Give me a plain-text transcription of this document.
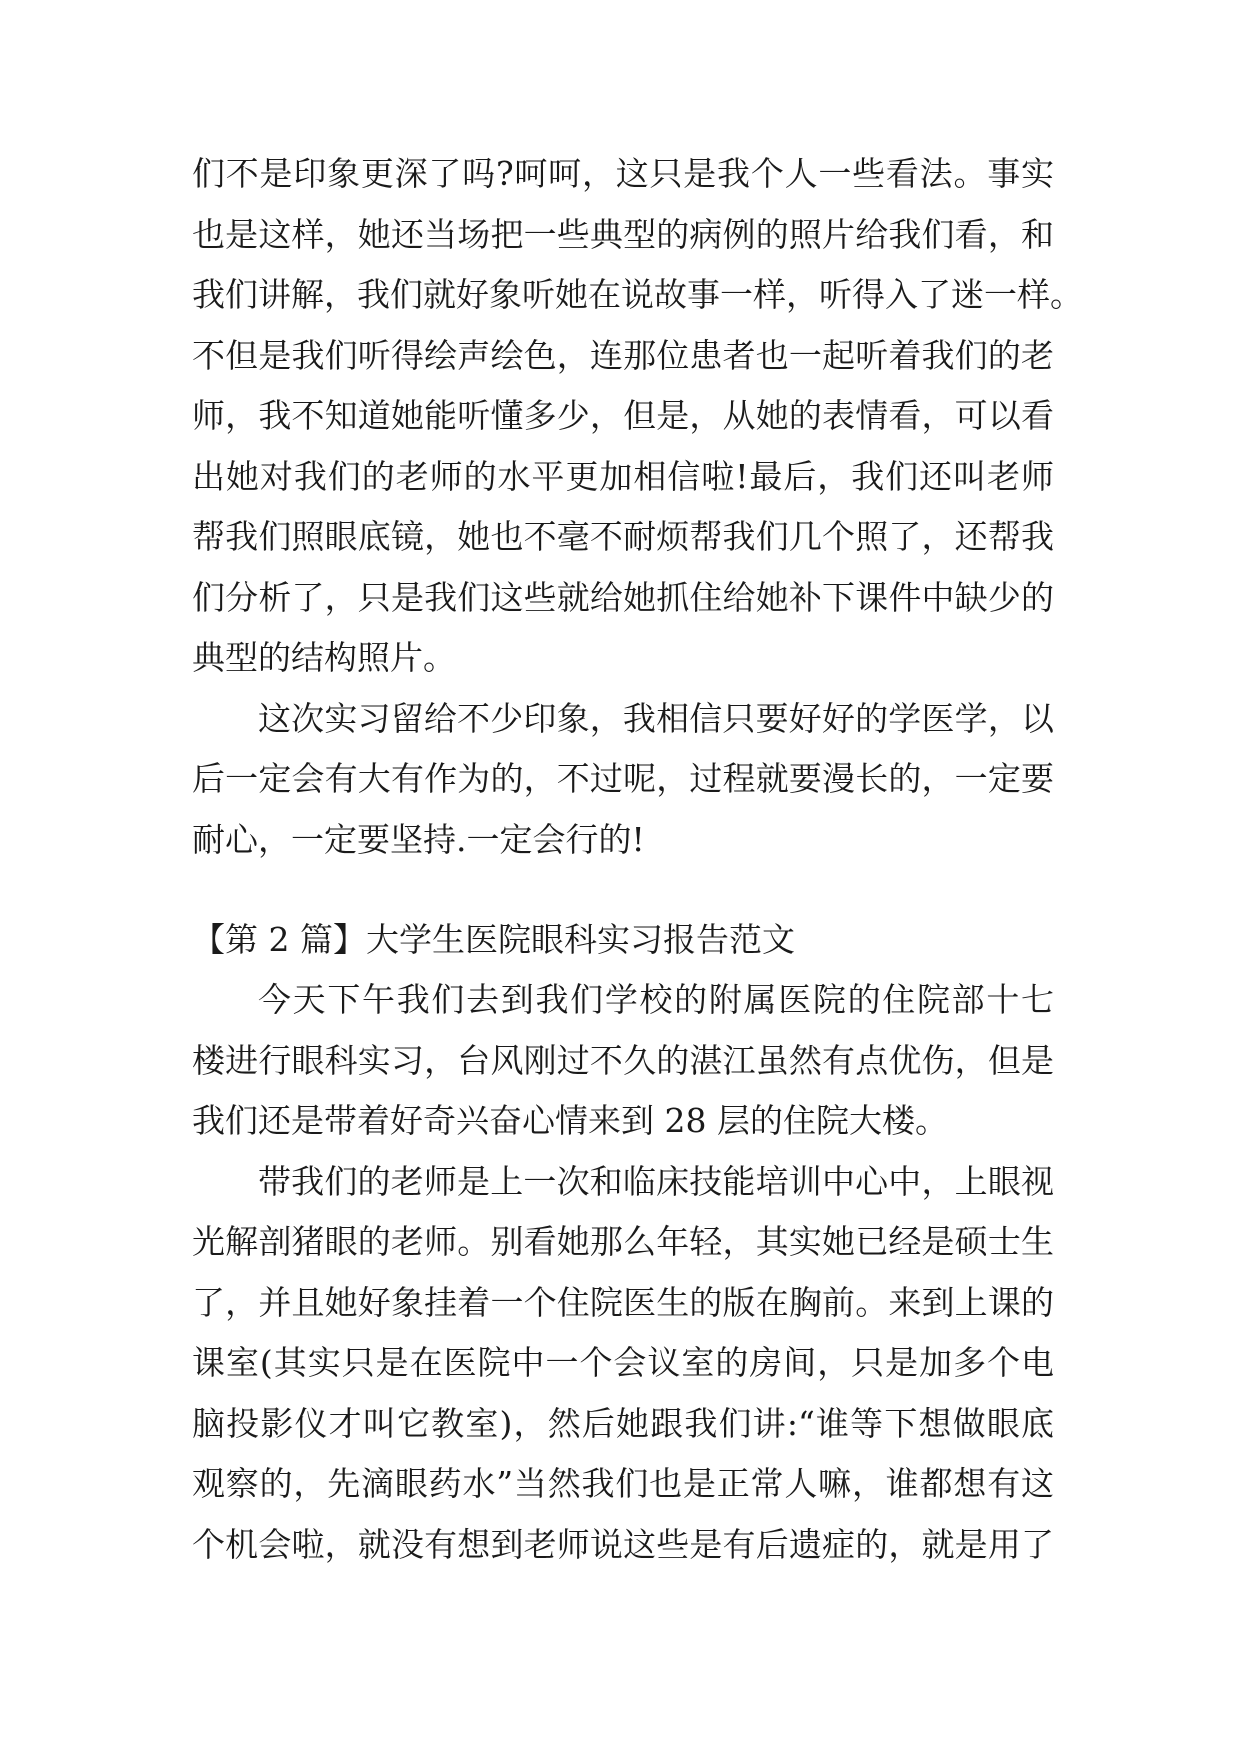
们不是印象更深了吗?呵呵，这只是我个人一些看法。事实
也是这样，她还当场把一些典型的病例的照片给我们看，和
我们讲解，我们就好象听她在说故事一样，听得入了迷一样。
不但是我们听得绘声绘色，连那位患者也一起听着我们的老
师，我不知道她能听懂多少，但是，从她的表情看，可以看
出她对我们的老师的水平更加相信啦!最后，我们还叫老师
帮我们照眼底镜，她也不毫不耐烦帮我们几个照了，还帮我
们分析了，只是我们这些就给她抓住给她补下课件中缺少的
典型的结构照片。
这次实习留给不少印象，我相信只要好好的学医学，以
后一定会有大有作为的，不过呢，过程就要漫长的，一定要
耐心，一定要坚持.一定会行的!
【第 2 篇】大学生医院眼科实习报告范文
今天下午我们去到我们学校的附属医院的住院部十七
楼进行眼科实习，台风刚过不久的湛江虽然有点优伤，但是
我们还是带着好奇兴奋心情来到 28 层的住院大楼。
带我们的老师是上一次和临床技能培训中心中，上眼视
光解剖猪眼的老师。别看她那么年轻，其实她已经是硕士生
了，并且她好象挂着一个住院医生的版在胸前。来到上课的
课室(其实只是在医院中一个会议室的房间，只是加多个电
脑投影仪才叫它教室)，然后她跟我们讲:“谁等下想做眼底
观察的，先滴眼药水”当然我们也是正常人嘛，谁都想有这
个机会啦，就没有想到老师说这些是有后遗症的，就是用了
